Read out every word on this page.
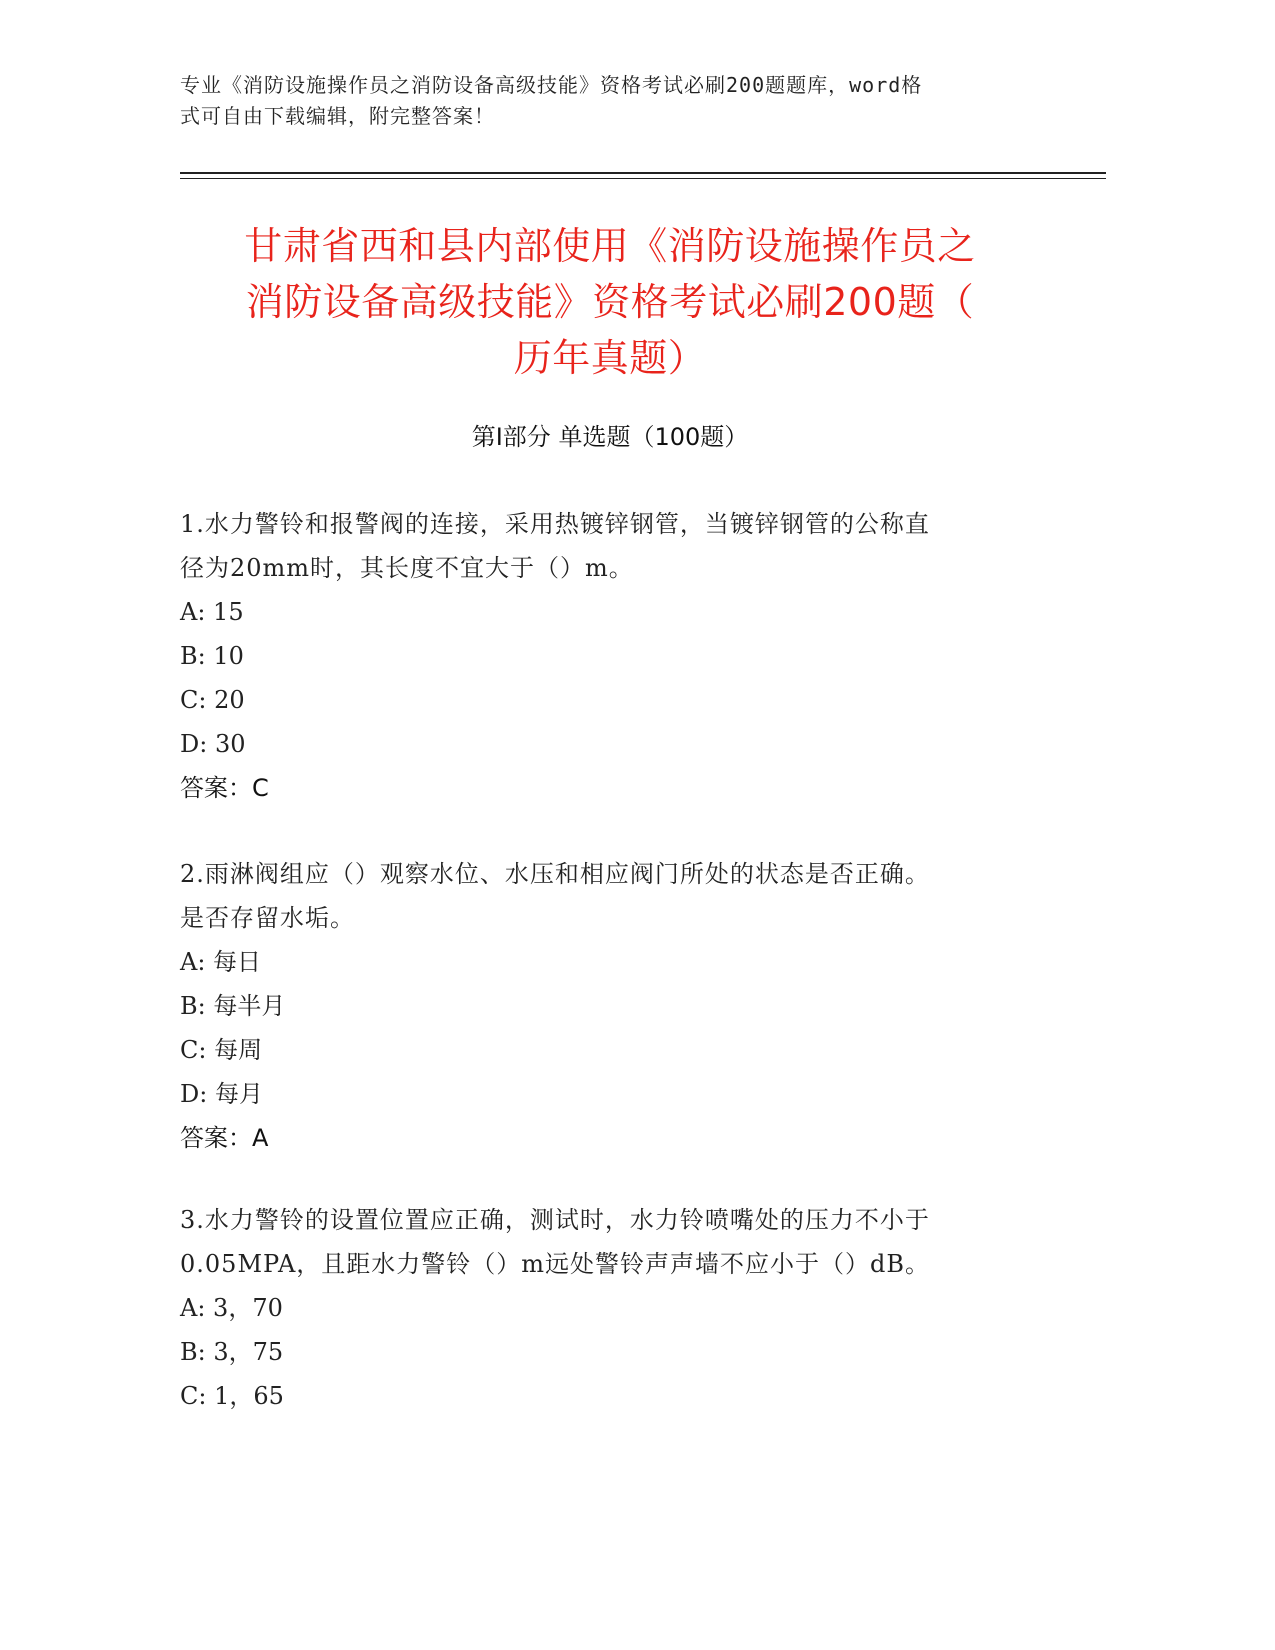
专业《消防设施操作员之消防设备高级技能》资格考试必刷200题题库，word格
式可自由下载编辑，附完整答案！
甘肃省西和县内部使用《消防设施操作员之
消防设备高级技能》资格考试必刷200题（
历年真题）
第Ⅰ部分 单选题（100题）

1.水力警铃和报警阀的连接，采用热镀锌钢管，当镀锌钢管的公称直

径为20mm时，其长度不宜大于（）m。

A: 15

B: 10

C: 20

D: 30

答案：C

2.雨淋阀组应（）观察水位、水压和相应阀门所处的状态是否正确。

是否存留水垢。

A: 每日

B: 每半月

C: 每周

D: 每月

答案：A

3.水力警铃的设置位置应正确，测试时，水力铃喷嘴处的压力不小于

0.05MPA，且距水力警铃（）m远处警铃声声墙不应小于（）dB。

A: 3，70

B: 3，75

C: 1，65
